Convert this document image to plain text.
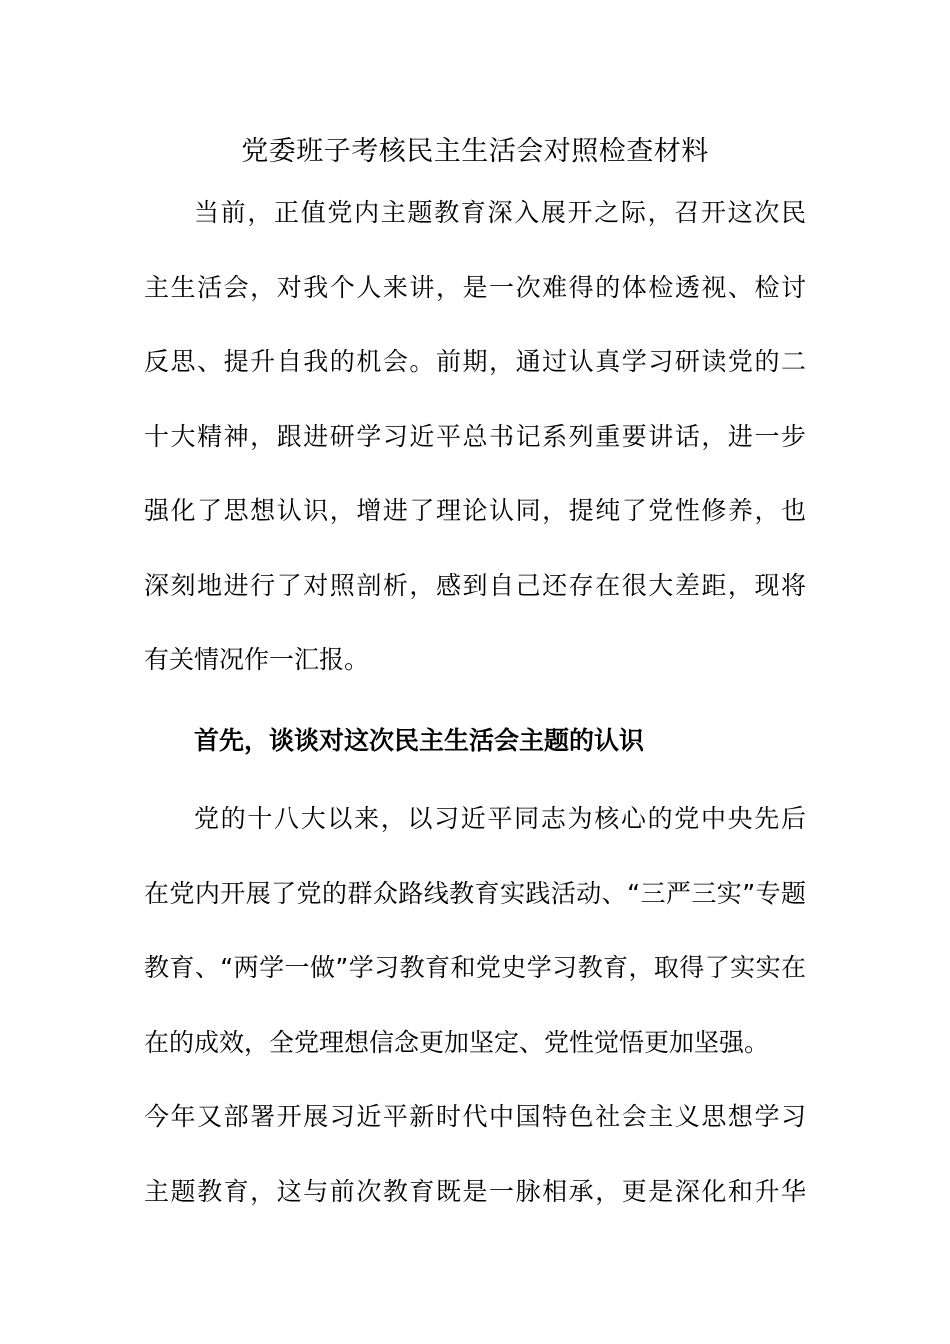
党委班子考核民主生活会对照检查材料
当前，正值党内主题教育深入展开之际，召开这次民
主生活会，对我个人来讲，是一次难得的体检透视、检讨
反思、提升自我的机会。前期，通过认真学习研读党的二
十大精神，跟进研学习近平总书记系列重要讲话，进一步
强化了思想认识，增进了理论认同，提纯了党性修养，也
深刻地进行了对照剖析，感到自己还存在很大差距，现将
有关情况作一汇报。
首先，谈谈对这次民主生活会主题的认识
党的十八大以来，以习近平同志为核心的党中央先后
在党内开展了党的群众路线教育实践活动、“三严三实”专题
教育、“两学一做”学习教育和党史学习教育，取得了实实在
在的成效，全党理想信念更加坚定、党性觉悟更加坚强。
今年又部署开展习近平新时代中国特色社会主义思想学习
主题教育，这与前次教育既是一脉相承，更是深化和升华
